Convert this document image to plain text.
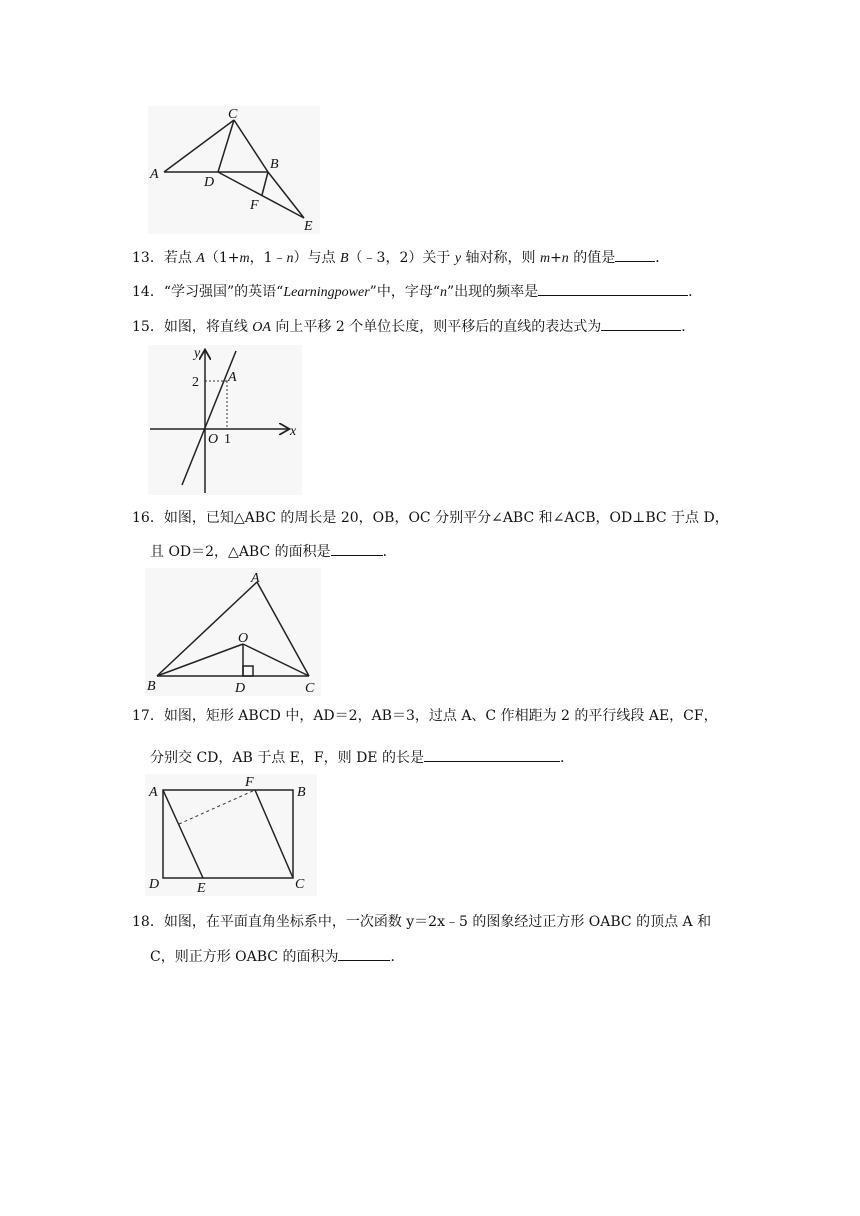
C
A
D
B
F
E
13．若点 A（1+m，1﹣n）与点 B（﹣3，2）关于 y 轴对称，则 m+n 的值是	．
14．“学习强国”的英语“Learningpower”中，字母“n”出现的频率是	．
15．如图，将直线 OA 向上平移 2 个单位长度，则平移后的直线的表达式为	．
y
x
O 1
2 A
16．如图，已知△ABC 的周长是 20，OB，OC 分别平分∠ABC 和∠ACB，OD⊥BC 于点 D，
且 OD＝2，△ABC 的面积是	．
A
O
B	D	C
17．如图，矩形 ABCD 中，AD＝2，AB＝3，过点 A、C 作相距为 2 的平行线段 AE，CF，
分别交 CD，AB 于点 E，F，则 DE 的长是	．
A
F
B
D	E	C
18．如图，在平面直角坐标系中，一次函数 y＝2x﹣5 的图象经过正方形 OABC 的顶点 A 和
C，则正方形 OABC 的面积为	．
